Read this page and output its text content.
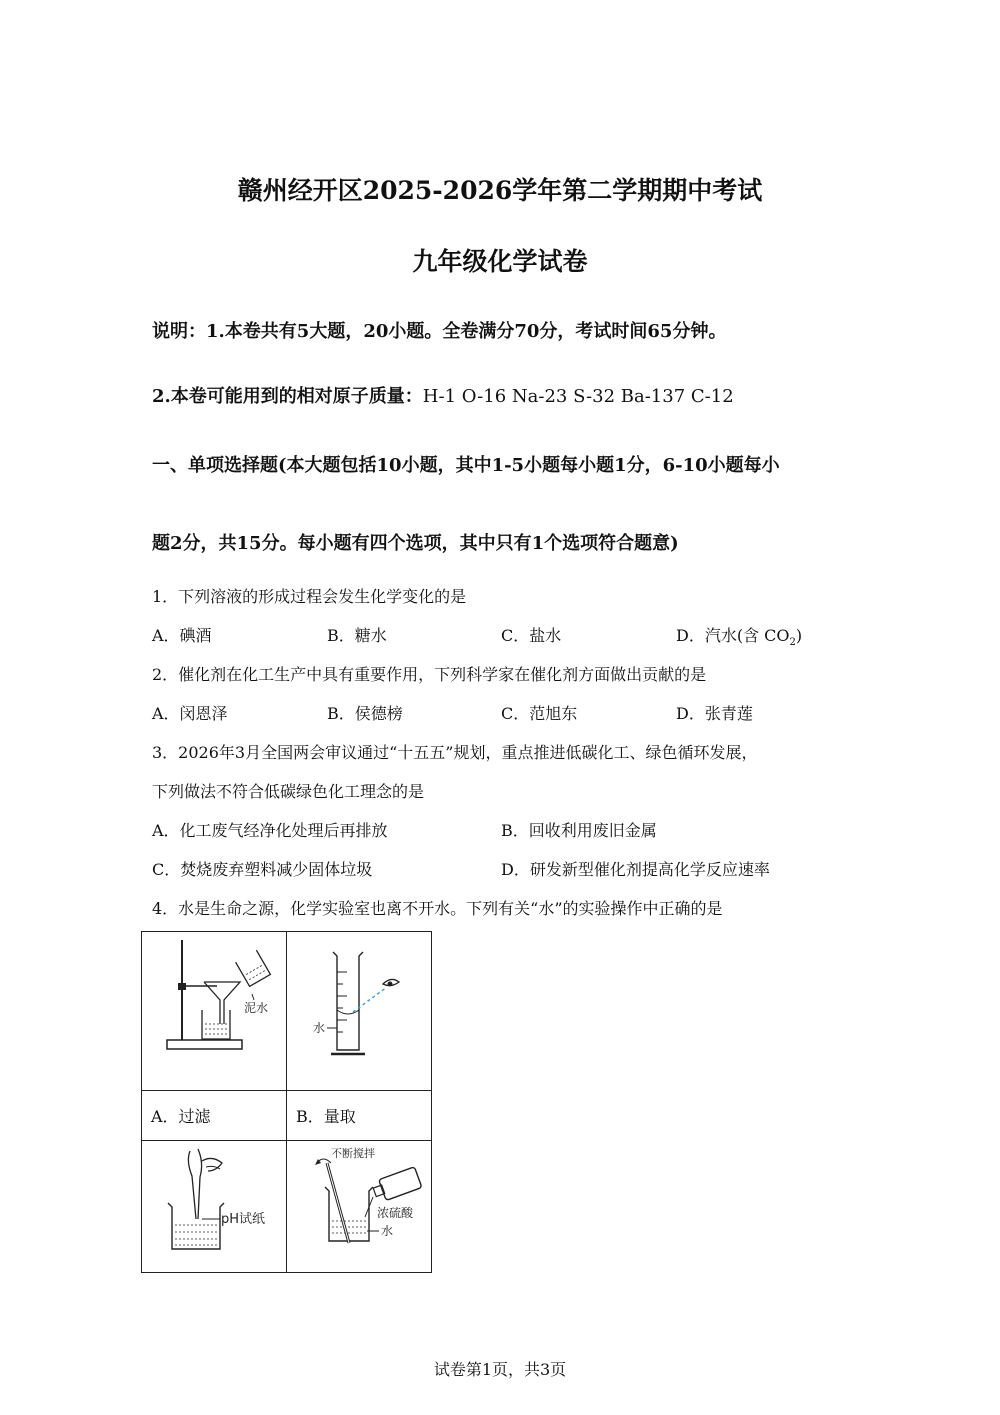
赣州经开区2025-2026学年第二学期期中考试
九年级化学试卷
说明：1.本卷共有5大题，20小题。全卷满分70分，考试时间65分钟。
2.本卷可能用到的相对原子质量：H-1 O-16 Na-23 S-32 Ba-137 C-12
一、单项选择题(本大题包括10小题，其中1-5小题每小题1分，6-10小题每小
题2分，共15分。每小题有四个选项，其中只有1个选项符合题意)
1．下列溶液的形成过程会发生化学变化的是
A．碘酒	B．糖水	C．盐水	D．汽水(含 $CO_2$)
2．催化剂在化工生产中具有重要作用，下列科学家在催化剂方面做出贡献的是
A．闵恩泽	B．侯德榜	C．范旭东	D．张青莲
3．2026年3月全国两会审议通过“十五五”规划，重点推进低碳化工、绿色循环发展，
下列做法不符合低碳绿色化工理念的是
A．化工废气经净化处理后再排放	B．回收利用废旧金属
C．焚烧废弃塑料减少固体垃圾	D．研发新型催化剂提高化学反应速率
4．水是生命之源，化学实验室也离不开水。下列有关“水”的实验操作中正确的是
泥水	水

A．过滤	B．量取

pH试纸	不断搅拌
浓硫酸
水
试卷第1页，共3页
